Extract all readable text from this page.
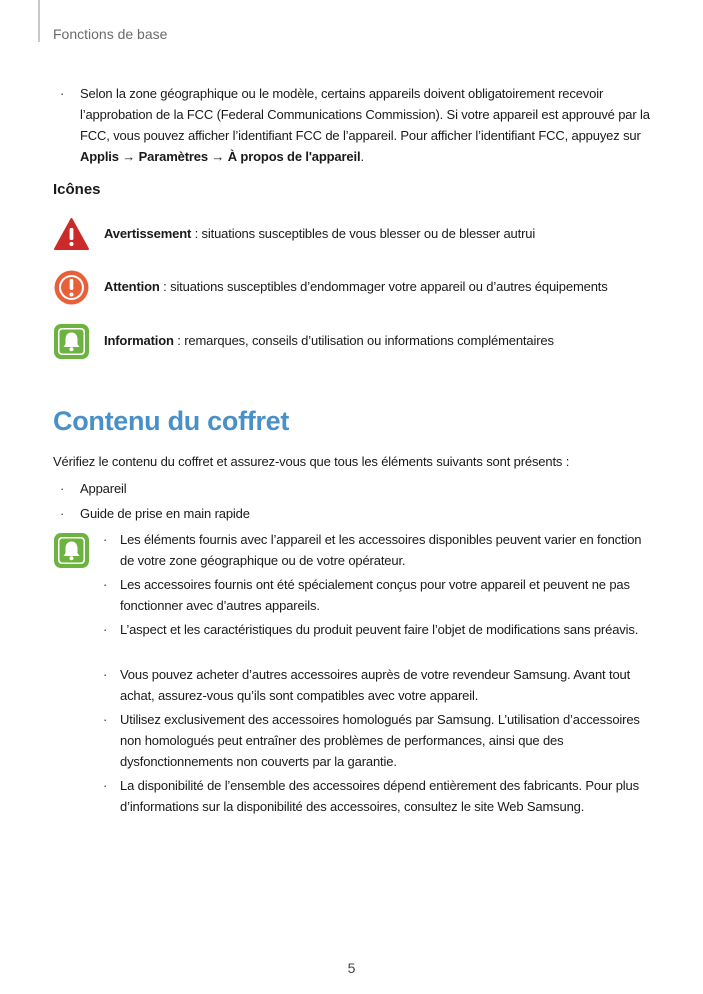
Fonctions de base
· Selon la zone géographique ou le modèle, certains appareils doivent obligatoirement recevoir l’approbation de la FCC (Federal Communications Commission). Si votre appareil est approuvé par la FCC, vous pouvez afficher l’identifiant FCC de l’appareil. Pour afficher l’identifiant FCC, appuyez sur Applis → Paramètres → À propos de l'appareil.
Icônes
Avertissement : situations susceptibles de vous blesser ou de blesser autrui
Attention : situations susceptibles d’endommager votre appareil ou d’autres équipements
Information : remarques, conseils d’utilisation ou informations complémentaires
Contenu du coffret
Vérifiez le contenu du coffret et assurez-vous que tous les éléments suivants sont présents :
· Appareil
· Guide de prise en main rapide
· Les éléments fournis avec l’appareil et les accessoires disponibles peuvent varier en fonction de votre zone géographique ou de votre opérateur.
· Les accessoires fournis ont été spécialement conçus pour votre appareil et peuvent ne pas fonctionner avec d’autres appareils.
· L’aspect et les caractéristiques du produit peuvent faire l’objet de modifications sans préavis.
· Vous pouvez acheter d’autres accessoires auprès de votre revendeur Samsung. Avant tout achat, assurez-vous qu’ils sont compatibles avec votre appareil.
· Utilisez exclusivement des accessoires homologués par Samsung. L’utilisation d’accessoires non homologués peut entraîner des problèmes de performances, ainsi que des dysfonctionnements non couverts par la garantie.
· La disponibilité de l’ensemble des accessoires dépend entièrement des fabricants. Pour plus d’informations sur la disponibilité des accessoires, consultez le site Web Samsung.
5
